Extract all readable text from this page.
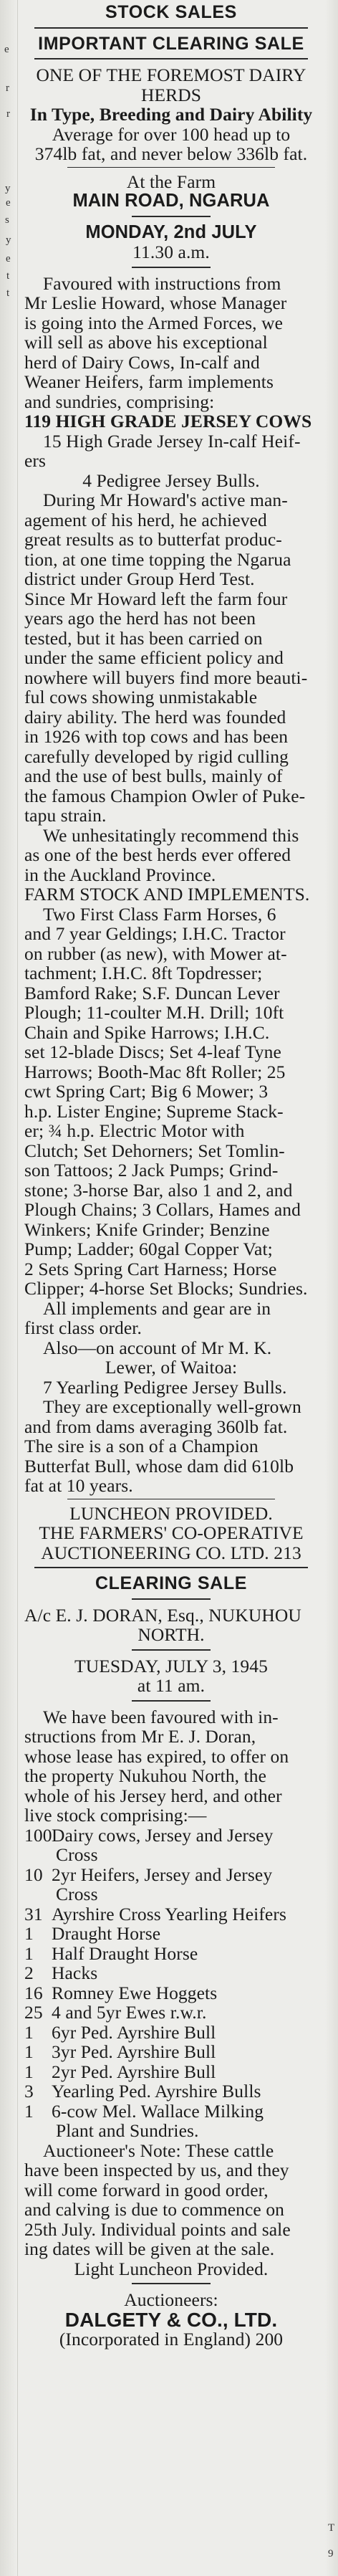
e
r
r
y
e
s
y
e
t
t
T
9
STOCK SALES
IMPORTANT CLEARING SALE
ONE OF THE FOREMOST DAIRY
HERDS
In Type, Breeding and Dairy Ability
Average for over 100 head up to
374lb fat, and never below 336lb fat.
At the Farm
MAIN ROAD, NGARUA
MONDAY, 2nd JULY
11.30 a.m.
Favoured with instructions from
Mr Leslie Howard, whose Manager
is going into the Armed Forces, we
will sell as above his exceptional
herd of Dairy Cows, In-calf and
Weaner Heifers, farm implements
and sundries, comprising:
119 HIGH GRADE JERSEY COWS
15 High Grade Jersey In-calf Heif-
ers
4 Pedigree Jersey Bulls.
During Mr Howard's active man-
agement of his herd, he achieved
great results as to butterfat produc-
tion, at one time topping the Ngarua
district under Group Herd Test.
Since Mr Howard left the farm four
years ago the herd has not been
tested, but it has been carried on
under the same efficient policy and
nowhere will buyers find more beauti-
ful cows showing unmistakable
dairy ability. The herd was founded
in 1926 with top cows and has been
carefully developed by rigid culling
and the use of best bulls, mainly of
the famous Champion Owler of Puke-
tapu strain.
We unhesitatingly recommend this
as one of the best herds ever offered
in the Auckland Province.
FARM STOCK AND IMPLEMENTS.
Two First Class Farm Horses, 6
and 7 year Geldings; I.H.C. Tractor
on rubber (as new), with Mower at-
tachment; I.H.C. 8ft Topdresser;
Bamford Rake; S.F. Duncan Lever
Plough; 11-coulter M.H. Drill; 10ft
Chain and Spike Harrows; I.H.C.
set 12-blade Discs; Set 4-leaf Tyne
Harrows; Booth-Mac 8ft Roller; 25
cwt Spring Cart; Big 6 Mower; 3
h.p. Lister Engine; Supreme Stack-
er; ¾ h.p. Electric Motor with
Clutch; Set Dehorners; Set Tomlin-
son Tattoos; 2 Jack Pumps; Grind-
stone; 3-horse Bar, also 1 and 2, and
Plough Chains; 3 Collars, Hames and
Winkers; Knife Grinder; Benzine
Pump; Ladder; 60gal Copper Vat;
2 Sets Spring Cart Harness; Horse
Clipper; 4-horse Set Blocks; Sundries.
All implements and gear are in
first class order.
Also—on account of Mr M. K.
Lewer, of Waitoa:
7 Yearling Pedigree Jersey Bulls.
They are exceptionally well-grown
and from dams averaging 360lb fat.
The sire is a son of a Champion
Butterfat Bull, whose dam did 610lb
fat at 10 years.
LUNCHEON PROVIDED.
THE FARMERS' CO-OPERATIVE
AUCTIONEERING CO. LTD. 213
CLEARING SALE
A/c E. J. DORAN, Esq., NUKUHOU
NORTH.
TUESDAY, JULY 3, 1945
at 11 am.
We have been favoured with in-
structions from Mr E. J. Doran,
whose lease has expired, to offer on
the property Nukuhou North, the
whole of his Jersey herd, and other
live stock comprising:—
100Dairy cows, Jersey and Jersey
Cross
10 2yr Heifers, Jersey and Jersey
Cross
31 Ayrshire Cross Yearling Heifers
1 Draught Horse
1 Half Draught Horse
2 Hacks
16 Romney Ewe Hoggets
25 4 and 5yr Ewes r.w.r.
1 6yr Ped. Ayrshire Bull
1 3yr Ped. Ayrshire Bull
1 2yr Ped. Ayrshire Bull
3 Yearling Ped. Ayrshire Bulls
1 6-cow Mel. Wallace Milking
Plant and Sundries.
Auctioneer's Note: These cattle
have been inspected by us, and they
will come forward in good order,
and calving is due to commence on
25th July. Individual points and sale
ing dates will be given at the sale.
Light Luncheon Provided.
Auctioneers:
DALGETY & CO., LTD.
(Incorporated in England) 200
